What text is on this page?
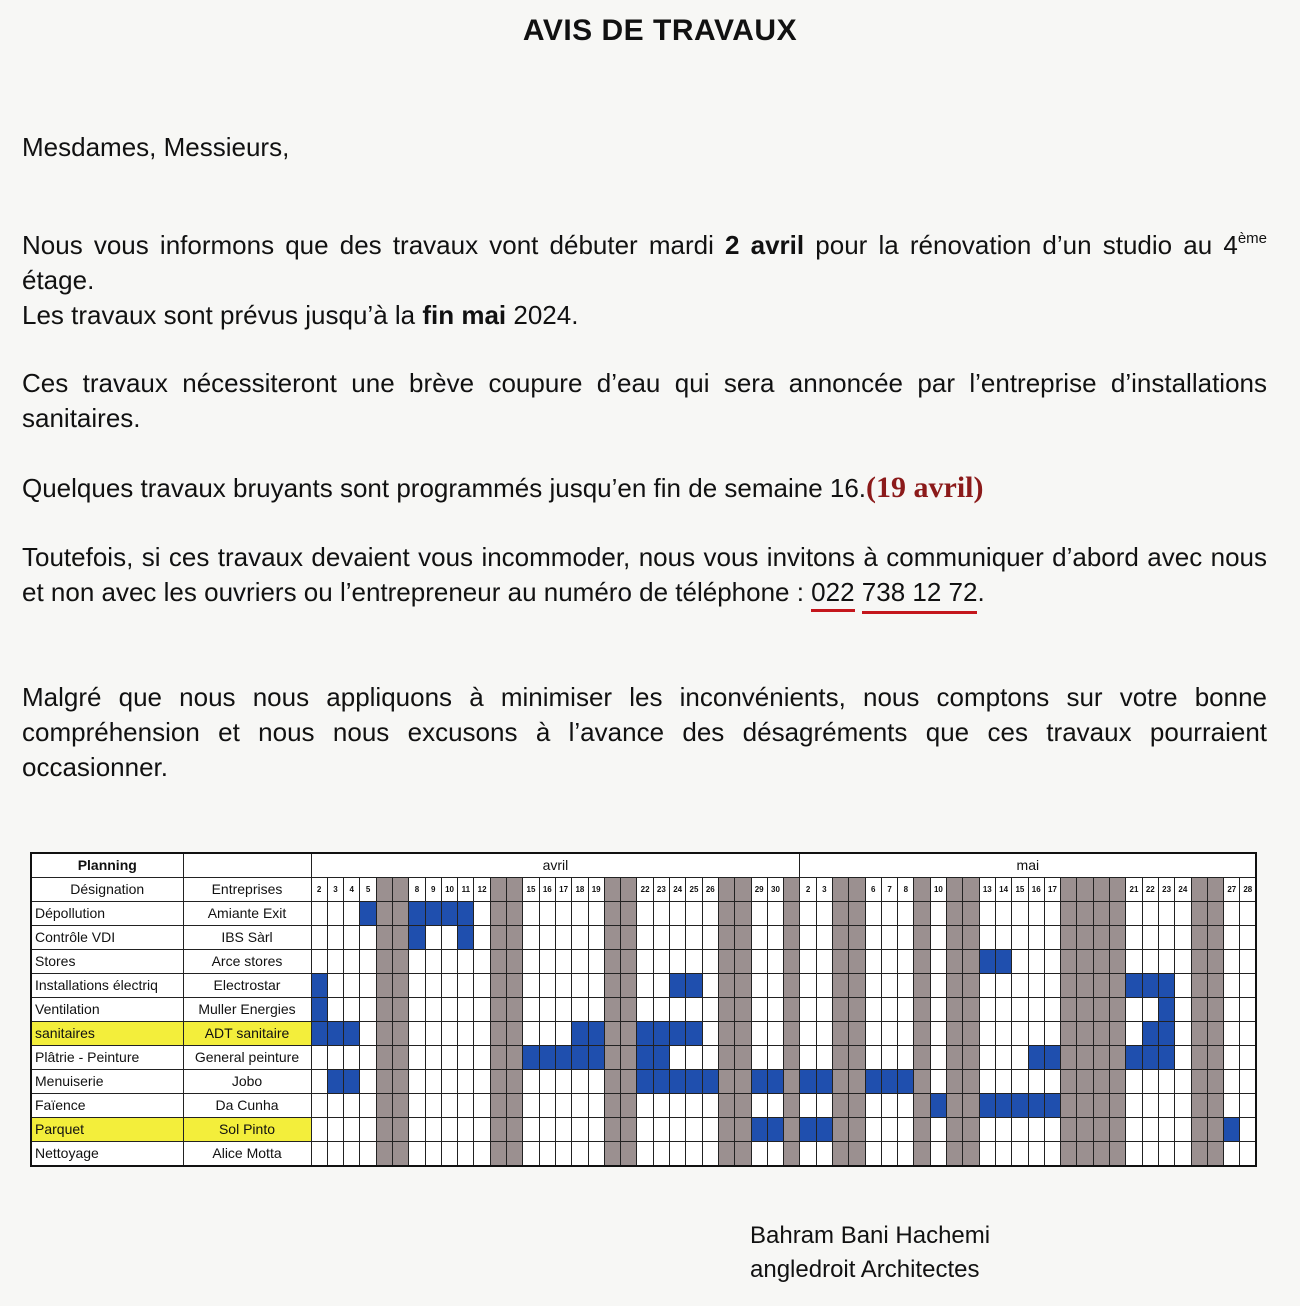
AVIS DE TRAVAUX
Mesdames, Messieurs,
Nous vous informons que des travaux vont débuter mardi 2 avril pour la rénovation d’un studio au 4ème étage.
Les travaux sont prévus jusqu’à la fin mai 2024.
Ces travaux nécessiteront une brève coupure d’eau qui sera annoncée par l’entreprise d’installations sanitaires.
Quelques travaux bruyants sont programmés jusqu’en fin de semaine 16.(19 avril)
Toutefois, si ces travaux devaient vous incommoder, nous vous invitons à communiquer d’abord avec nous et non avec les ouvriers ou l’entrepreneur au numéro de téléphone : 022 738 12 72.
Malgré que nous nous appliquons à minimiser les inconvénients, nous comptons sur votre bonne compréhension et nous nous excusons à l’avance des désagréments que ces travaux pourraient occasionner.
Planning		avril																														mai																											
Désignation	Entreprises	2	3	4	5			8	9	10	11	12			15	16	17	18	19			22	23	24	25	26			29	30		2	3			6	7	8		10			13	14	15	16	17					21	22	23	24			27	28
Dépollution	Amiante Exit																																																										
Contrôle VDI	IBS Sàrl																																																										
Stores	Arce stores																																																										
Installations électriq	Electrostar																																																										
Ventilation	Muller Energies																																																										
sanitaires	ADT sanitaire																																																										
Plâtrie - Peinture	General peinture																																																										
Menuiserie	Jobo																																																										
Faïence	Da Cunha																																																										
Parquet	Sol Pinto																																																										
Nettoyage	Alice Motta																																																										
Bahram Bani Hachemi
angledroit Architectes
